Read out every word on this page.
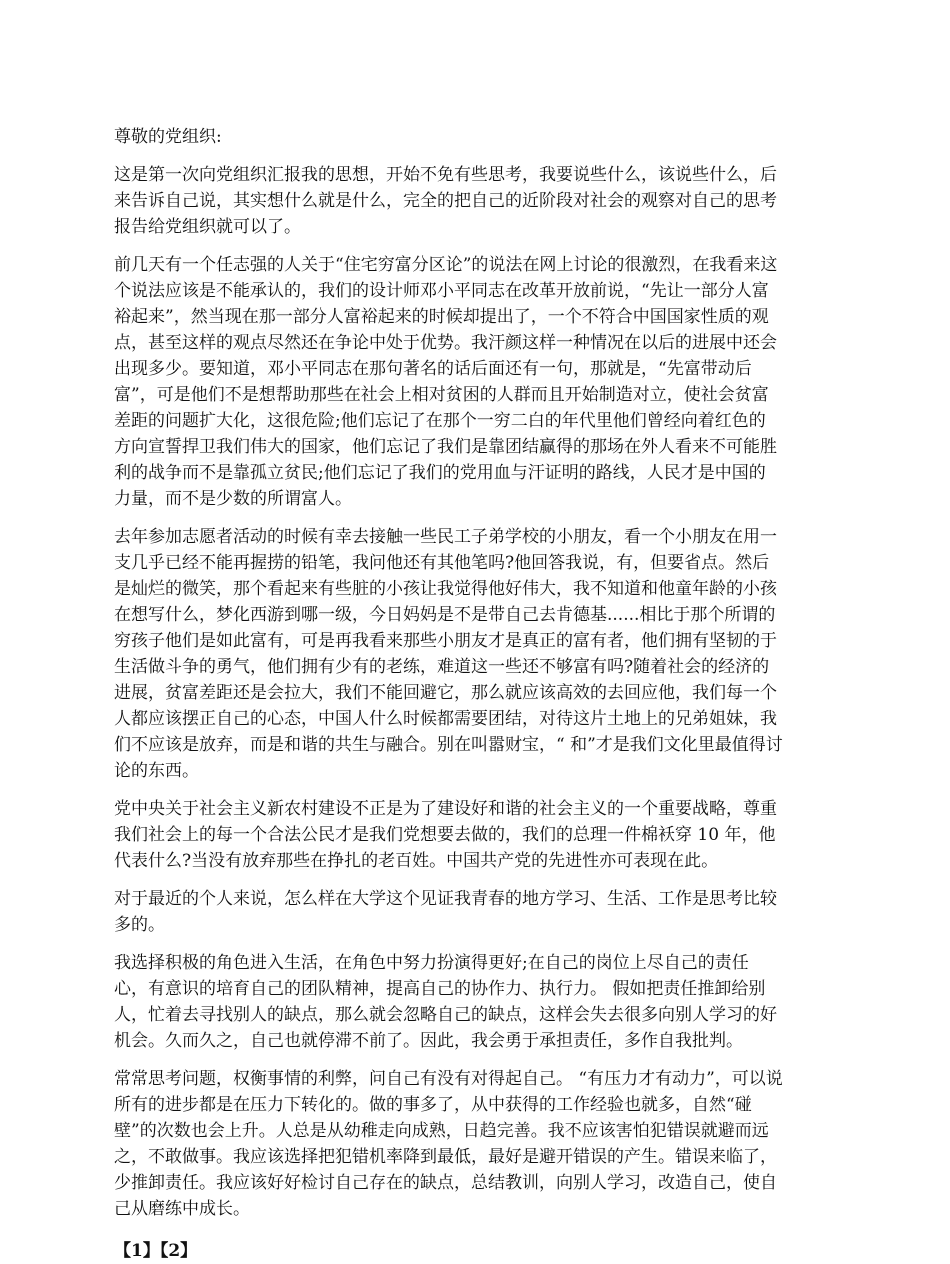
尊敬的党组织:
这是第一次向党组织汇报我的思想，开始不免有些思考，我要说些什么，该说些什么，后
来告诉自己说，其实想什么就是什么，完全的把自己的近阶段对社会的观察对自己的思考
报告给党组织就可以了。
前几天有一个任志强的人关于“住宅穷富分区论”的说法在网上讨论的很激烈，在我看来这
个说法应该是不能承认的，我们的设计师邓小平同志在改革开放前说，“先让一部分人富
裕起来”，然当现在那一部分人富裕起来的时候却提出了，一个不符合中国国家性质的观
点，甚至这样的观点尽然还在争论中处于优势。我汗颜这样一种情况在以后的进展中还会
出现多少。要知道，邓小平同志在那句著名的话后面还有一句，那就是，“先富带动后
富”，可是他们不是想帮助那些在社会上相对贫困的人群而且开始制造对立，使社会贫富
差距的问题扩大化，这很危险;他们忘记了在那个一穷二白的年代里他们曾经向着红色的
方向宣誓捍卫我们伟大的国家，他们忘记了我们是靠团结赢得的那场在外人看来不可能胜
利的战争而不是靠孤立贫民;他们忘记了我们的党用血与汗证明的路线，人民才是中国的
力量，而不是少数的所谓富人。
去年参加志愿者活动的时候有幸去接触一些民工子弟学校的小朋友，看一个小朋友在用一
支几乎已经不能再握捞的铅笔，我问他还有其他笔吗?他回答我说，有，但要省点。然后
是灿烂的微笑，那个看起来有些脏的小孩让我觉得他好伟大，我不知道和他童年龄的小孩
在想写什么，梦化西游到哪一级，今日妈妈是不是带自己去肯德基......相比于那个所谓的
穷孩子他们是如此富有，可是再我看来那些小朋友才是真正的富有者，他们拥有坚韧的于
生活做斗争的勇气，他们拥有少有的老练，难道这一些还不够富有吗?随着社会的经济的
进展，贫富差距还是会拉大，我们不能回避它，那么就应该高效的去回应他，我们每一个
人都应该摆正自己的心态，中国人什么时候都需要团结，对待这片土地上的兄弟姐妹，我
们不应该是放弃，而是和谐的共生与融合。别在叫嚣财宝，“ 和”才是我们文化里最值得讨
论的东西。
党中央关于社会主义新农村建设不正是为了建设好和谐的社会主义的一个重要战略，尊重
我们社会上的每一个合法公民才是我们党想要去做的，我们的总理一件棉袄穿 10 年，他
代表什么?当没有放弃那些在挣扎的老百姓。中国共产党的先进性亦可表现在此。
对于最近的个人来说，怎么样在大学这个见证我青春的地方学习、生活、工作是思考比较
多的。
我选择积极的角色进入生活，在角色中努力扮演得更好;在自己的岗位上尽自己的责任
心，有意识的培育自己的团队精神，提高自己的协作力、执行力。 假如把责任推卸给别
人，忙着去寻找别人的缺点，那么就会忽略自己的缺点，这样会失去很多向别人学习的好
机会。久而久之，自己也就停滞不前了。因此，我会勇于承担责任，多作自我批判。
常常思考问题，权衡事情的利弊，问自己有没有对得起自己。 “有压力才有动力”，可以说
所有的进步都是在压力下转化的。做的事多了，从中获得的工作经验也就多，自然“碰
壁”的次数也会上升。人总是从幼稚走向成熟，日趋完善。我不应该害怕犯错误就避而远
之，不敢做事。我应该选择把犯错机率降到最低，最好是避开错误的产生。错误来临了，
少推卸责任。我应该好好检讨自己存在的缺点，总结教训，向别人学习，改造自己，使自
己从磨练中成长。
【1】【2】
